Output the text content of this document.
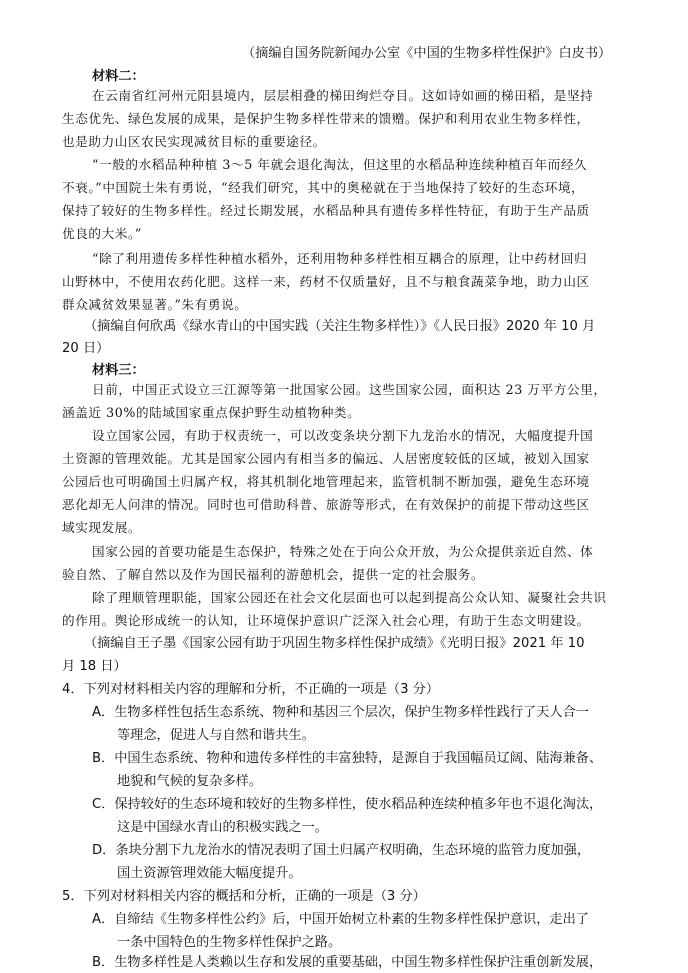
（摘编自国务院新闻办公室《中国的生物多样性保护》白皮书）
材料二：
在云南省红河州元阳县境内，层层相叠的梯田绚烂夺目。这如诗如画的梯田稻，是坚持
生态优先、绿色发展的成果，是保护生物多样性带来的馈赠。保护和利用农业生物多样性，
也是助力山区农民实现减贫目标的重要途径。
“一般的水稻品种种植 3～5 年就会退化淘汰，但这里的水稻品种连续种植百年而经久
不衰。”中国院士朱有勇说，“经我们研究，其中的奥秘就在于当地保持了较好的生态环境，
保持了较好的生物多样性。经过长期发展，水稻品种具有遗传多样性特征，有助于生产品质
优良的大米。”
“除了利用遗传多样性种植水稻外，还利用物种多样性相互耦合的原理，让中药材回归
山野林中，不使用农药化肥。这样一来，药材不仅质量好，且不与粮食蔬菜争地，助力山区
群众减贫效果显著。”朱有勇说。
（摘编自何欣禹《绿水青山的中国实践（关注生物多样性）》《人民日报》2020 年 10 月
20 日）
材料三：
日前，中国正式设立三江源等第一批国家公园。这些国家公园，面积达 23 万平方公里，
涵盖近 30%的陆域国家重点保护野生动植物种类。
设立国家公园，有助于权责统一，可以改变条块分割下九龙治水的情况，大幅度提升国
土资源的管理效能。尤其是国家公园内有相当多的偏远、人居密度较低的区域，被划入国家
公园后也可明确国土归属产权，将其机制化地管理起来，监管机制不断加强，避免生态环境
恶化却无人问津的情况。同时也可借助科普、旅游等形式，在有效保护的前提下带动这些区
域实现发展。
国家公园的首要功能是生态保护，特殊之处在于向公众开放，为公众提供亲近自然、体
验自然、了解自然以及作为国民福利的游憩机会，提供一定的社会服务。
除了理顺管理职能，国家公园还在社会文化层面也可以起到提高公众认知、凝聚社会共识
的作用。舆论形成统一的认知，让环境保护意识广泛深入社会心理，有助于生态文明建设。
（摘编自王子墨《国家公园有助于巩固生物多样性保护成绩》《光明日报》2021 年 10
月 18 日）
4．下列对材料相关内容的理解和分析，不正确的一项是（3 分）
A．生物多样性包括生态系统、物种和基因三个层次，保护生物多样性践行了天人合一
等理念，促进人与自然和谐共生。
B．中国生态系统、物种和遗传多样性的丰富独特，是源自于我国幅员辽阔、陆海兼备、
地貌和气候的复杂多样。
C．保持较好的生态环境和较好的生物多样性，使水稻品种连续种植多年也不退化淘汰，
这是中国绿水青山的积极实践之一。
D．条块分割下九龙治水的情况表明了国土归属产权明确，生态环境的监管力度加强，
国土资源管理效能大幅度提升。
5．下列对材料相关内容的概括和分析，正确的一项是（3 分）
A．自缔结《生物多样性公约》后，中国开始树立朴素的生物多样性保护意识，走出了
一条中国特色的生物多样性保护之路。
B．生物多样性是人类赖以生存和发展的重要基础，中国生物多样性保护注重创新发展，
